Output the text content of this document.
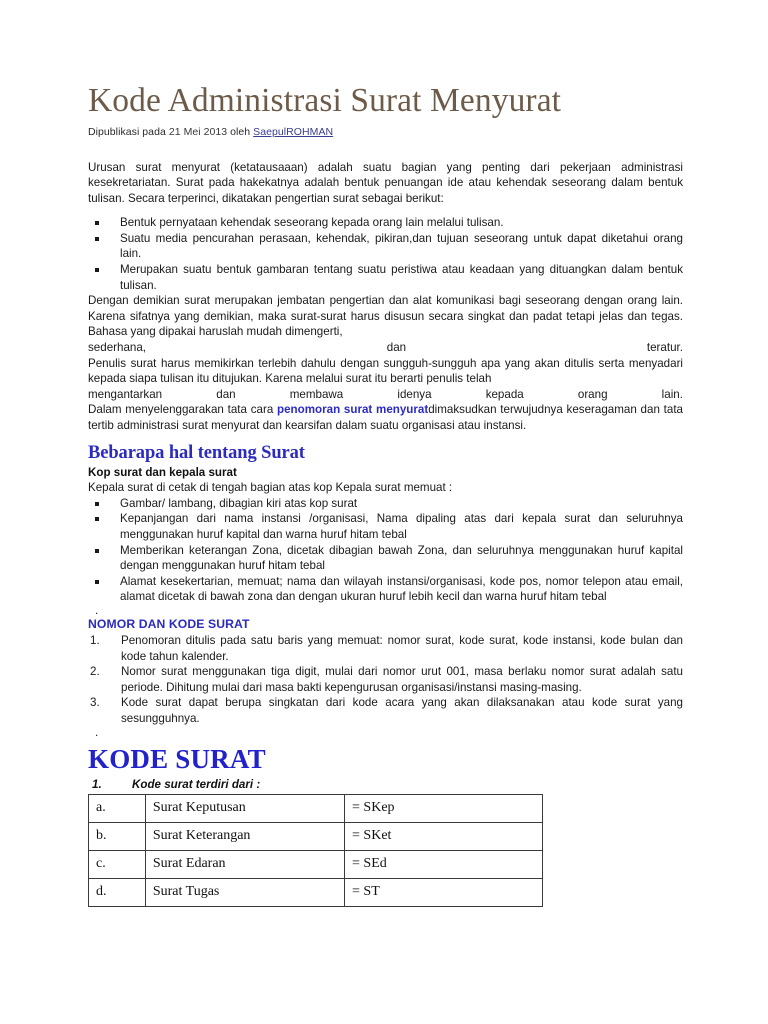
Kode Administrasi Surat Menyurat

Dipublikasi pada 21 Mei 2013 oleh SaepulROHMAN

Urusan surat menyurat (ketatausaaan) adalah suatu bagian yang penting dari pekerjaan administrasi kesekretariatan. Surat pada hakekatnya adalah bentuk penuangan ide atau kehendak seseorang dalam bentuk tulisan. Secara terperinci, dikatakan pengertian surat sebagai berikut:

Bentuk pernyataan kehendak seseorang kepada orang lain melalui tulisan.
Suatu media pencurahan perasaan, kehendak, pikiran,dan tujuan seseorang untuk dapat diketahui orang lain.
Merupakan suatu bentuk gambaran tentang suatu peristiwa atau keadaan yang dituangkan dalam bentuk tulisan.

Dengan demikian surat merupakan jembatan pengertian dan alat komunikasi bagi seseorang dengan orang lain. Karena sifatnya yang demikian, maka surat-surat harus disusun secara singkat dan padat tetapi jelas dan tegas. Bahasa yang dipakai haruslah mudah dimengerti,

sederhana,	dan	teratur.

Penulis surat harus memikirkan terlebih dahulu dengan sungguh-sungguh apa yang akan ditulis serta menyadari kepada siapa tulisan itu ditujukan. Karena melalui surat itu berarti penulis telah

mengantarkan	dan	membawa	idenya	kepada	orang	lain.

Dalam menyelenggarakan tata cara penomoran surat menyuratdimaksudkan terwujudnya keseragaman dan tata tertib administrasi surat menyurat dan kearsifan dalam suatu organisasi atau instansi.

Bebarapa hal tentang Surat
Kop surat dan kepala surat

Kepala surat di cetak di tengah bagian atas kop Kepala surat memuat :

Gambar/ lambang, dibagian kiri atas kop surat
Kepanjangan dari nama instansi /organisasi, Nama dipaling atas dari kepala surat dan seluruhnya menggunakan huruf kapital dan warna huruf hitam tebal
Memberikan keterangan Zona, dicetak dibagian bawah Zona, dan seluruhnya menggunakan huruf kapital dengan menggunakan huruf hitam tebal
Alamat kesekertarian, memuat; nama dan wilayah instansi/organisasi, kode pos, nomor telepon atau email, alamat dicetak di bawah zona dan dengan ukuran huruf lebih kecil dan warna huruf hitam tebal
.
NOMOR DAN KODE SURAT
Penomoran ditulis pada satu baris yang memuat: nomor surat, kode surat, kode instansi, kode bulan dan kode tahun kalender.
Nomor surat menggunakan tiga digit, mulai dari nomor urut 001, masa berlaku nomor surat adalah satu periode. Dihitung mulai dari masa bakti kepengurusan organisasi/instansi masing-masing.
Kode surat dapat berupa singkatan dari kode acara yang akan dilaksanakan atau kode surat yang sesungguhnya.
.
KODE SURAT
1.	Kode surat terdiri dari :
a.	Surat Keputusan	= SKep
b.	Surat Keterangan	= SKet
c.	Surat Edaran	= SEd
d.	Surat Tugas	= ST
